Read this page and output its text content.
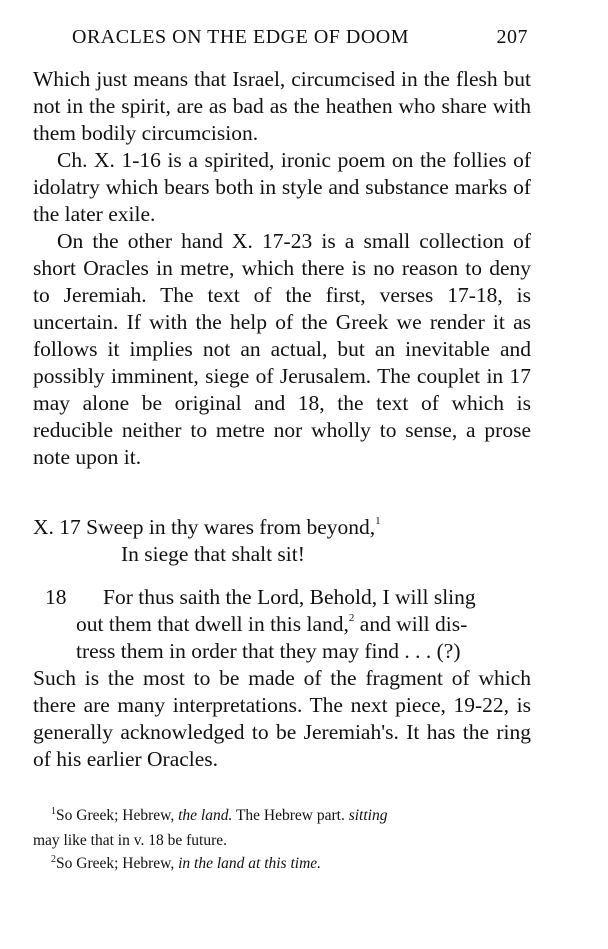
ORACLES ON THE EDGE OF DOOM	207

Which just means that Israel, circumcised in the flesh but not in the spirit, are as bad as the heathen who share with them bodily circumcision.

Ch. X. 1-16 is a spirited, ironic poem on the follies of idolatry which bears both in style and substance marks of the later exile.

On the other hand X. 17-23 is a small collection of short Oracles in metre, which there is no reason to deny to Jeremiah. The text of the first, verses 17-18, is uncertain. If with the help of the Greek we render it as follows it implies not an actual, but an inevitable and possibly imminent, siege of Jerusalem. The couplet in 17 may alone be original and 18, the text of which is reducible neither to metre nor wholly to sense, a prose note upon it.

X. 17 Sweep in thy wares from beyond,$^1$
In siege that shalt sit!
18 For thus saith the Lord, Behold, I will sling
out them that dwell in this land,$^2$ and will dis-
tress them in order that they may find . . . (?)
Such is the most to be made of the fragment of which there are many interpretations. The next piece, 19-22, is generally acknowledged to be Jeremiah's. It has the ring of his earlier Oracles.

$^1$So Greek; Hebrew, the land. The Hebrew part. sitting

may like that in v. 18 be future.

$^2$So Greek; Hebrew, in the land at this time.
